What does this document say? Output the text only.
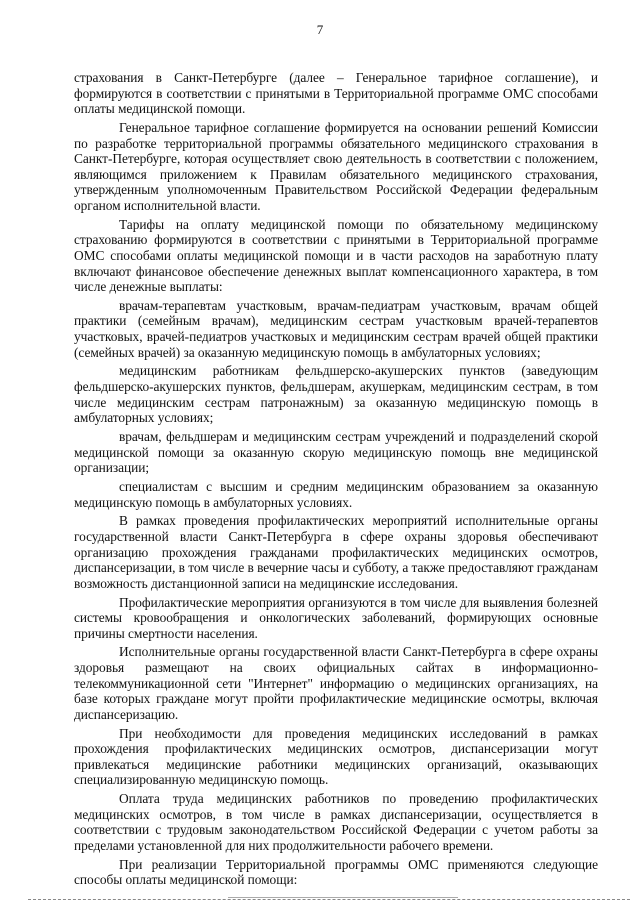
7

страхования в Санкт-Петербурге (далее – Генеральное тарифное соглашение), и формируются в соответствии с принятыми в Территориальной программе ОМС способами оплаты медицинской помощи.

Генеральное тарифное соглашение формируется на основании решений Комиссии по разработке территориальной программы обязательного медицинского страхования в Санкт-Петербурге, которая осуществляет свою деятельность в соответствии с положением, являющимся приложением к Правилам обязательного медицинского страхования, утвержденным уполномоченным Правительством Российской Федерации федеральным органом исполнительной власти.

Тарифы на оплату медицинской помощи по обязательному медицинскому страхованию формируются в соответствии с принятыми в Территориальной программе ОМС способами оплаты медицинской помощи и в части расходов на заработную плату включают финансовое обеспечение денежных выплат компенсационного характера, в том числе денежные выплаты:

врачам-терапевтам участковым, врачам-педиатрам участковым, врачам общей практики (семейным врачам), медицинским сестрам участковым врачей-терапевтов участковых, врачей-педиатров участковых и медицинским сестрам врачей общей практики (семейных врачей) за оказанную медицинскую помощь в амбулаторных условиях;

медицинским работникам фельдшерско-акушерских пунктов (заведующим фельдшерско-акушерских пунктов, фельдшерам, акушеркам, медицинским сестрам, в том числе медицинским сестрам патронажным) за оказанную медицинскую помощь в амбулаторных условиях;

врачам, фельдшерам и медицинским сестрам учреждений и подразделений скорой медицинской помощи за оказанную скорую медицинскую помощь вне медицинской организации;

специалистам с высшим и средним медицинским образованием за оказанную медицинскую помощь в амбулаторных условиях.

В рамках проведения профилактических мероприятий исполнительные органы государственной власти Санкт-Петербурга в сфере охраны здоровья обеспечивают организацию прохождения гражданами профилактических медицинских осмотров, диспансеризации, в том числе в вечерние часы и субботу, а также предоставляют гражданам возможность дистанционной записи на медицинские исследования.

Профилактические мероприятия организуются в том числе для выявления болезней системы кровообращения и онкологических заболеваний, формирующих основные причины смертности населения.

Исполнительные органы государственной власти Санкт-Петербурга в сфере охраны здоровья размещают на своих официальных сайтах в информационно-телекоммуникационной сети "Интернет" информацию о медицинских организациях, на базе которых граждане могут пройти профилактические медицинские осмотры, включая диспансеризацию.

При необходимости для проведения медицинских исследований в рамках прохождения профилактических медицинских осмотров, диспансеризации могут привлекаться медицинские работники медицинских организаций, оказывающих специализированную медицинскую помощь.

Оплата труда медицинских работников по проведению профилактических медицинских осмотров, в том числе в рамках диспансеризации, осуществляется в соответствии с трудовым законодательством Российской Федерации с учетом работы за пределами установленной для них продолжительности рабочего времени.

При реализации Территориальной программы ОМС применяются следующие способы оплаты медицинской помощи:
